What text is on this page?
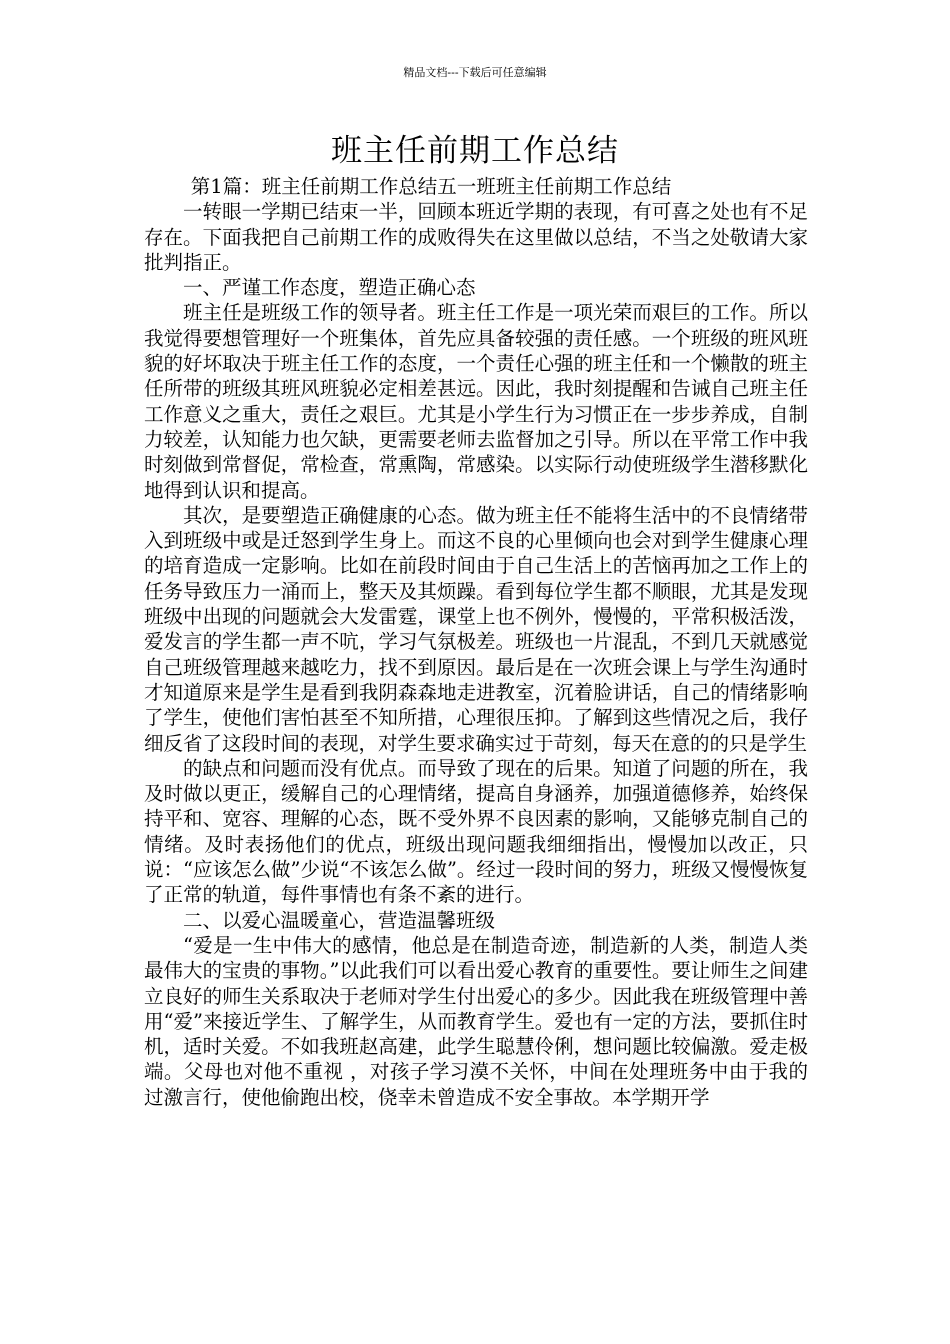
精品文档---下载后可任意编辑
班主任前期工作总结

第1篇：班主任前期工作总结五一班班主任前期工作总结

一转眼一学期已结束一半，回顾本班近学期的表现，有可喜之处也有不足存在。下面我把自己前期工作的成败得失在这里做以总结，不当之处敬请大家批判指正。

一、严谨工作态度，塑造正确心态

班主任是班级工作的领导者。班主任工作是一项光荣而艰巨的工作。所以我觉得要想管理好一个班集体，首先应具备较强的责任感。一个班级的班风班貌的好坏取决于班主任工作的态度，一个责任心强的班主任和一个懒散的班主任所带的班级其班风班貌必定相差甚远。因此，我时刻提醒和告诫自己班主任工作意义之重大，责任之艰巨。尤其是小学生行为习惯正在一步步养成，自制力较差，认知能力也欠缺，更需要老师去监督加之引导。所以在平常工作中我时刻做到常督促，常检查，常熏陶，常感染。以实际行动使班级学生潜移默化地得到认识和提高。

其次，是要塑造正确健康的心态。做为班主任不能将生活中的不良情绪带入到班级中或是迁怒到学生身上。而这不良的心里倾向也会对到学生健康心理的培育造成一定影响。比如在前段时间由于自己生活上的苦恼再加之工作上的任务导致压力一涌而上，整天及其烦躁。看到每位学生都不顺眼，尤其是发现班级中出现的问题就会大发雷霆，课堂上也不例外，慢慢的，平常积极活泼，爱发言的学生都一声不吭，学习气氛极差。班级也一片混乱，不到几天就感觉自己班级管理越来越吃力，找不到原因。最后是在一次班会课上与学生沟通时才知道原来是学生是看到我阴森森地走进教室，沉着脸讲话，自己的情绪影响了学生，使他们害怕甚至不知所措，心理很压抑。了解到这些情况之后，我仔细反省了这段时间的表现，对学生要求确实过于苛刻，每天在意的的只是学生

的缺点和问题而没有优点。而导致了现在的后果。知道了问题的所在，我及时做以更正，缓解自己的心理情绪，提高自身涵养，加强道德修养，始终保持平和、宽容、理解的心态，既不受外界不良因素的影响，又能够克制自己的情绪。及时表扬他们的优点，班级出现问题我细细指出，慢慢加以改正，只说：“应该怎么做”少说“不该怎么做”。经过一段时间的努力，班级又慢慢恢复了正常的轨道，每件事情也有条不紊的进行。

二、以爱心温暖童心，营造温馨班级

“爱是一生中伟大的感情，他总是在制造奇迹，制造新的人类，制造人类最伟大的宝贵的事物。”以此我们可以看出爱心教育的重要性。要让师生之间建立良好的师生关系取决于老师对学生付出爱心的多少。因此我在班级管理中善用“爱”来接近学生、了解学生，从而教育学生。爱也有一定的方法，要抓住时机，适时关爱。不如我班赵高建，此学生聪慧伶俐，想问题比较偏激。爱走极端。父母也对他不重视 ，对孩子学习漠不关怀，中间在处理班务中由于我的过激言行，使他偷跑出校，侥幸未曾造成不安全事故。本学期开学
